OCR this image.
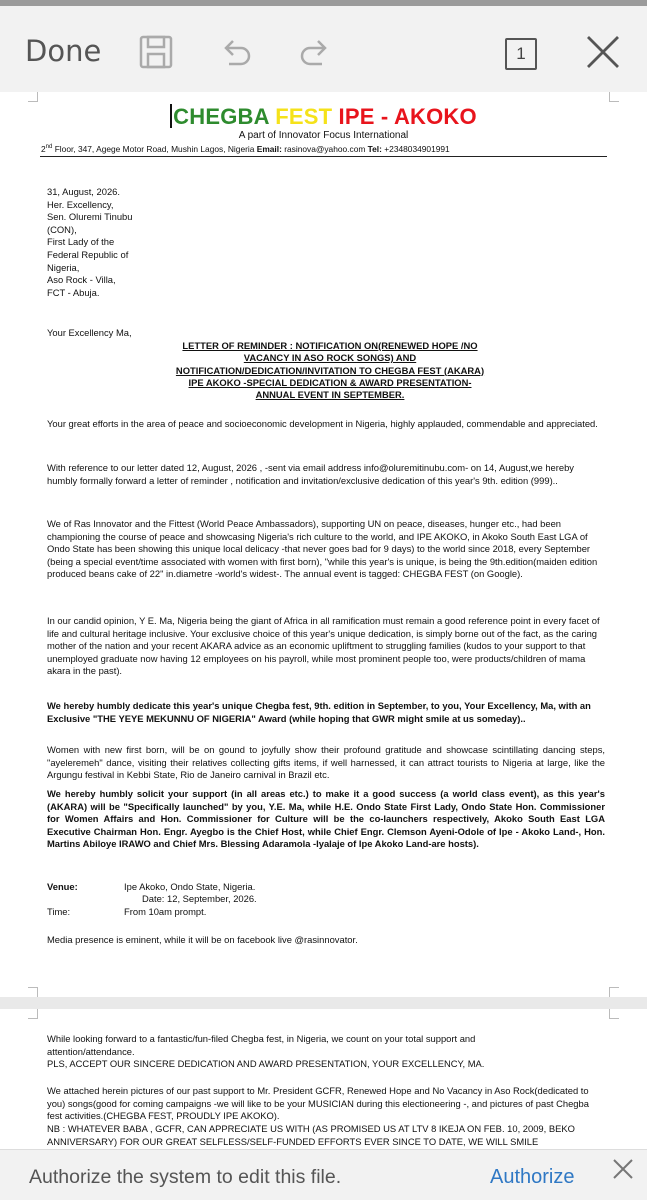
Done	1
CHEGBA FEST IPE - AKOKO
A part of Innovator Focus International
2nd Floor, 347, Agege Motor Road, Mushin Lagos, Nigeria Email: rasinova@yahoo.com Tel: +2348034901991
31, August, 2026.
Her. Excellency,
Sen. Oluremi Tinubu
(CON),
First Lady of the
Federal Republic of
Nigeria,
Aso Rock - Villa,
FCT - Abuja.
Your Excellency Ma,
LETTER OF REMINDER : NOTIFICATION ON(RENEWED HOPE /NO
VACANCY IN ASO ROCK SONGS) AND
NOTIFICATION/DEDICATION/INVITATION TO CHEGBA FEST (AKARA)
IPE AKOKO -SPECIAL DEDICATION & AWARD PRESENTATION-
ANNUAL EVENT IN SEPTEMBER.
Your great efforts in the area of peace and socioeconomic development in Nigeria, highly applauded, commendable and appreciated.
With reference to our letter dated 12, August, 2026 , -sent via email address info@oluremitinubu.com- on 14, August,we hereby humbly formally forward a letter of reminder , notification and invitation/exclusive dedication of this year's 9th. edition (999)..
We of Ras Innovator and the Fittest (World Peace Ambassadors), supporting UN on peace, diseases, hunger etc., had been championing the course of peace and showcasing Nigeria's rich culture to the world, and IPE AKOKO, in Akoko South East LGA of Ondo State has been showing this unique local delicacy -that never goes bad for 9 days) to the world since 2018, every September (being a special event/time associated with women with first born), "while this year's is unique, is being the 9th.edition(maiden edition produced beans cake of 22" in.diametre -world's widest-. The annual event is tagged: CHEGBA FEST (on Google).
In our candid opinion, Y E. Ma, Nigeria being the giant of Africa in all ramification must remain a good reference point in every facet of life and cultural heritage inclusive. Your exclusive choice of this year's unique dedication, is simply borne out of the fact, as the caring mother of the nation and your recent AKARA advice as an economic upliftment to struggling families (kudos to your support to that unemployed graduate now having 12 employees on his payroll, while most prominent people too, were products/children of mama akara in the past).
We hereby humbly dedicate this year's unique Chegba fest, 9th. edition in September, to you, Your Excellency, Ma, with an Exclusive "THE YEYE MEKUNNU OF NIGERIA" Award (while hoping that GWR might smile at us someday)..
Women with new first born, will be on gound to joyfully show their profound gratitude and showcase scintillating dancing steps, "ayeleremeh" dance, visiting their relatives collecting gifts items, if well harnessed, it can attract tourists to Nigeria at large, like the Argungu festival in Kebbi State, Rio de Janeiro carnival in Brazil etc.
We hereby humbly solicit your support (in all areas etc.) to make it a good success (a world class event), as this year's (AKARA) will be "Specifically launched" by you, Y.E. Ma, while H.E. Ondo State First Lady, Ondo State Hon. Commissioner for Women Affairs and Hon. Commissioner for Culture will be the co-launchers respectively, Akoko South East LGA Executive Chairman Hon. Engr. Ayegbo is the Chief Host, while Chief Engr. Clemson Ayeni-Odole of Ipe - Akoko Land-, Hon. Martins Abiloye IRAWO and Chief Mrs. Blessing Adaramola -Iyalaje of Ipe Akoko Land-are hosts).
Venue:	Ipe Akoko, Ondo State, Nigeria.
Date: 12, September, 2026.
Time:	From 10am prompt.
Media presence is eminent, while it will be on facebook live @rasinnovator.
While looking forward to a fantastic/fun-filed Chegba fest, in Nigeria, we count on your total support and
attention/attendance.
PLS, ACCEPT OUR SINCERE DEDICATION AND AWARD PRESENTATION, YOUR EXCELLENCY, MA.
We attached herein pictures of our past support to Mr. President GCFR, Renewed Hope and No Vacancy in Aso Rock(dedicated to you) songs(good for coming campaigns -we will like to be your MUSICIAN during this electioneering -, and pictures of past Chegba fest activities.(CHEGBA FEST, PROUDLY IPE AKOKO).
NB : WHATEVER BABA , GCFR, CAN APPRECIATE US WITH (AS PROMISED US AT LTV 8 IKEJA ON FEB. 10, 2009, BEKO ANNIVERSARY) FOR OUR GREAT SELFLESS/SELF-FUNDED EFFORTS EVER SINCE TO DATE, WE WILL SMILE
Authorize the system to edit this file.	Authorize
